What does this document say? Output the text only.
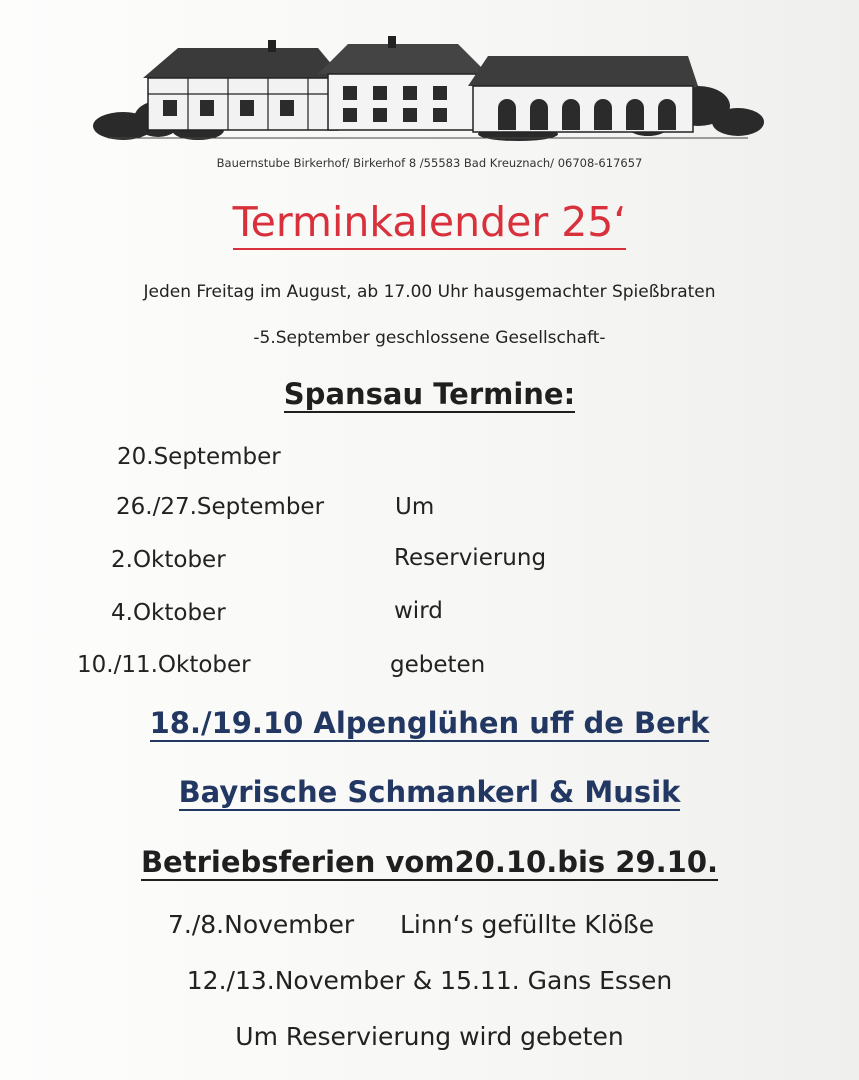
Bauernstube Birkerhof/ Birkerhof 8 /55583 Bad Kreuznach/ 06708-617657
Terminkalender 25‘
Jeden Freitag im August, ab 17.00 Uhr hausgemachter Spießbraten
-5.September geschlossene Gesellschaft-
Spansau Termine:
20.September
26./27.September
2.Oktober
4.Oktober
10./11.Oktober
Um
Reservierung
wird
gebeten
18./19.10 Alpenglühen uff de Berk
Bayrische Schmankerl & Musik
Betriebsferien vom20.10.bis 29.10.
7./8.November Linn‘s gefüllte Klöße
12./13.November & 15.11. Gans Essen
Um Reservierung wird gebeten
